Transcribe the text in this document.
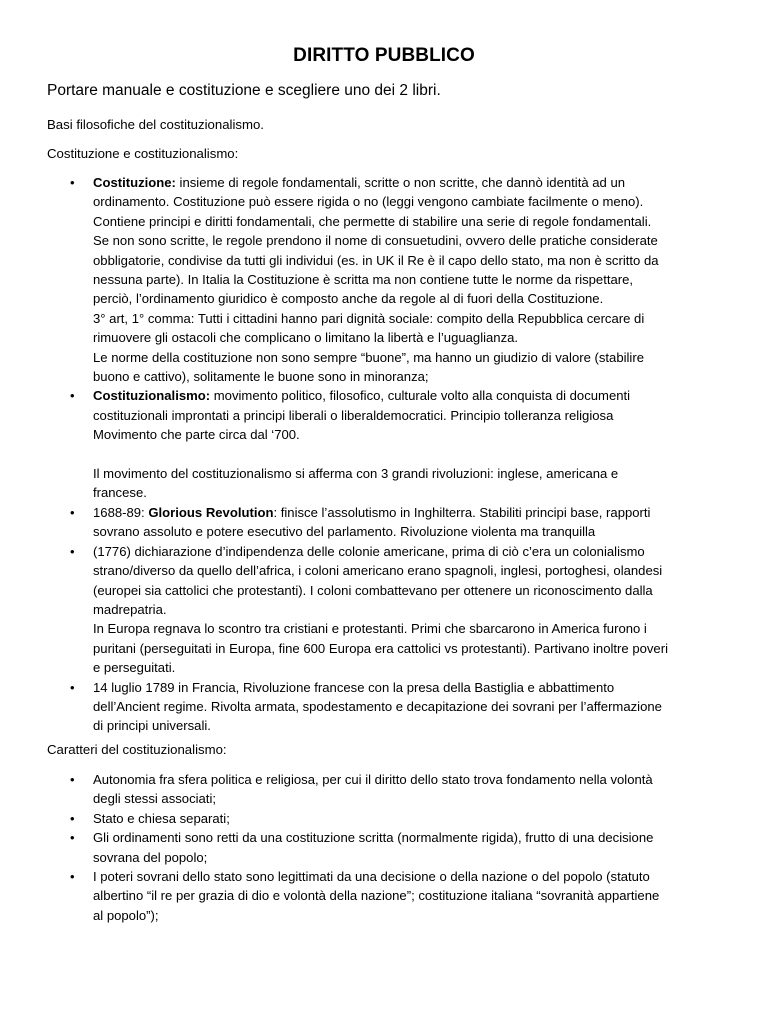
DIRITTO PUBBLICO
Portare manuale e costituzione e scegliere uno dei 2 libri.
Basi filosofiche del costituzionalismo.
Costituzione e costituzionalismo:
• Costituzione: insieme di regole fondamentali, scritte o non scritte, che dannò identità ad un
ordinamento. Costituzione può essere rigida o no (leggi vengono cambiate facilmente o meno).
Contiene principi e diritti fondamentali, che permette di stabilire una serie di regole fondamentali.
Se non sono scritte, le regole prendono il nome di consuetudini, ovvero delle pratiche considerate
obbligatorie, condivise da tutti gli individui (es. in UK il Re è il capo dello stato, ma non è scritto da
nessuna parte). In Italia la Costituzione è scritta ma non contiene tutte le norme da rispettare,
perciò, l’ordinamento giuridico è composto anche da regole al di fuori della Costituzione.
3° art, 1° comma: Tutti i cittadini hanno pari dignità sociale: compito della Repubblica cercare di
rimuovere gli ostacoli che complicano o limitano la libertà e l’uguaglianza.
Le norme della costituzione non sono sempre “buone”, ma hanno un giudizio di valore (stabilire
buono e cattivo), solitamente le buone sono in minoranza;
• Costituzionalismo: movimento politico, filosofico, culturale volto alla conquista di documenti
costituzionali improntati a principi liberali o liberaldemocratici. Principio tolleranza religiosa
Movimento che parte circa dal ‘700.
Il movimento del costituzionalismo si afferma con 3 grandi rivoluzioni: inglese, americana e
francese.
• 1688-89: Glorious Revolution: finisce l’assolutismo in Inghilterra. Stabiliti principi base, rapporti
sovrano assoluto e potere esecutivo del parlamento. Rivoluzione violenta ma tranquilla
• (1776) dichiarazione d’indipendenza delle colonie americane, prima di ciò c’era un colonialismo
strano/diverso da quello dell’africa, i coloni americano erano spagnoli, inglesi, portoghesi, olandesi
(europei sia cattolici che protestanti). I coloni combattevano per ottenere un riconoscimento dalla
madrepatria.
In Europa regnava lo scontro tra cristiani e protestanti. Primi che sbarcarono in America furono i
puritani (perseguitati in Europa, fine 600 Europa era cattolici vs protestanti). Partivano inoltre poveri
e perseguitati.
• 14 luglio 1789 in Francia, Rivoluzione francese con la presa della Bastiglia e abbattimento
dell’Ancient regime. Rivolta armata, spodestamento e decapitazione dei sovrani per l’affermazione
di principi universali.
Caratteri del costituzionalismo:
• Autonomia fra sfera politica e religiosa, per cui il diritto dello stato trova fondamento nella volontà
degli stessi associati;
• Stato e chiesa separati;
• Gli ordinamenti sono retti da una costituzione scritta (normalmente rigida), frutto di una decisione
sovrana del popolo;
• I poteri sovrani dello stato sono legittimati da una decisione o della nazione o del popolo (statuto
albertino “il re per grazia di dio e volontà della nazione”; costituzione italiana “sovranità appartiene
al popolo”);
